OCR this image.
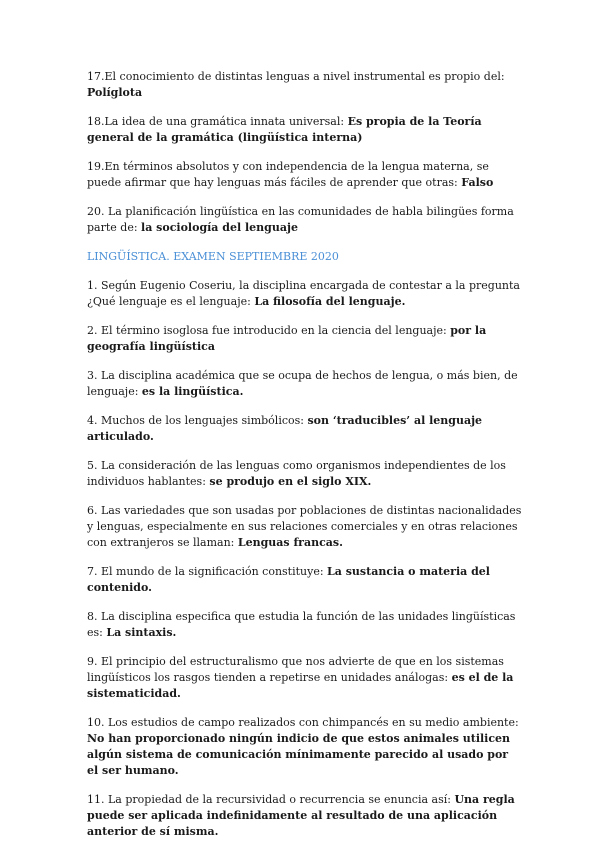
17.El conocimiento de distintas lenguas a nivel instrumental es propio del: Políglota

18.La idea de una gramática innata universal: Es propia de la Teoría general de la gramática (lingüística interna)

19.En términos absolutos y con independencia de la lengua materna, se puede afirmar que hay lenguas más fáciles de aprender que otras: Falso

20. La planificación lingüística en las comunidades de habla bilingües forma parte de: la sociología del lenguaje

LINGÜÍSTICA. EXAMEN SEPTIEMBRE 2020

1. Según Eugenio Coseriu, la disciplina encargada de contestar a la pregunta ¿Qué lenguaje es el lenguaje: La filosofía del lenguaje.

2. El término isoglosa fue introducido en la ciencia del lenguaje: por la geografía lingüística

3. La disciplina académica que se ocupa de hechos de lengua, o más bien, de lenguaje: es la lingüística.

4. Muchos de los lenguajes simbólicos: son ‘traducibles’ al lenguaje articulado.

5. La consideración de las lenguas como organismos independientes de los individuos hablantes: se produjo en el siglo XIX.

6. Las variedades que son usadas por poblaciones de distintas nacionalidades y lenguas, especialmente en sus relaciones comerciales y en otras relaciones con extranjeros se llaman: Lenguas francas.

7. El mundo de la significación constituye: La sustancia o materia del contenido.

8. La disciplina especifica que estudia la función de las unidades lingüísticas es: La sintaxis.

9. El principio del estructuralismo que nos advierte de que en los sistemas lingüísticos los rasgos tienden a repetirse en unidades análogas: es el de la sistematicidad.

10. Los estudios de campo realizados con chimpancés en su medio ambiente: No han proporcionado ningún indicio de que estos animales utilicen algún sistema de comunicación mínimamente parecido al usado por el ser humano.

11. La propiedad de la recursividad o recurrencia se enuncia así: Una regla puede ser aplicada indefinidamente al resultado de una aplicación anterior de sí misma.
